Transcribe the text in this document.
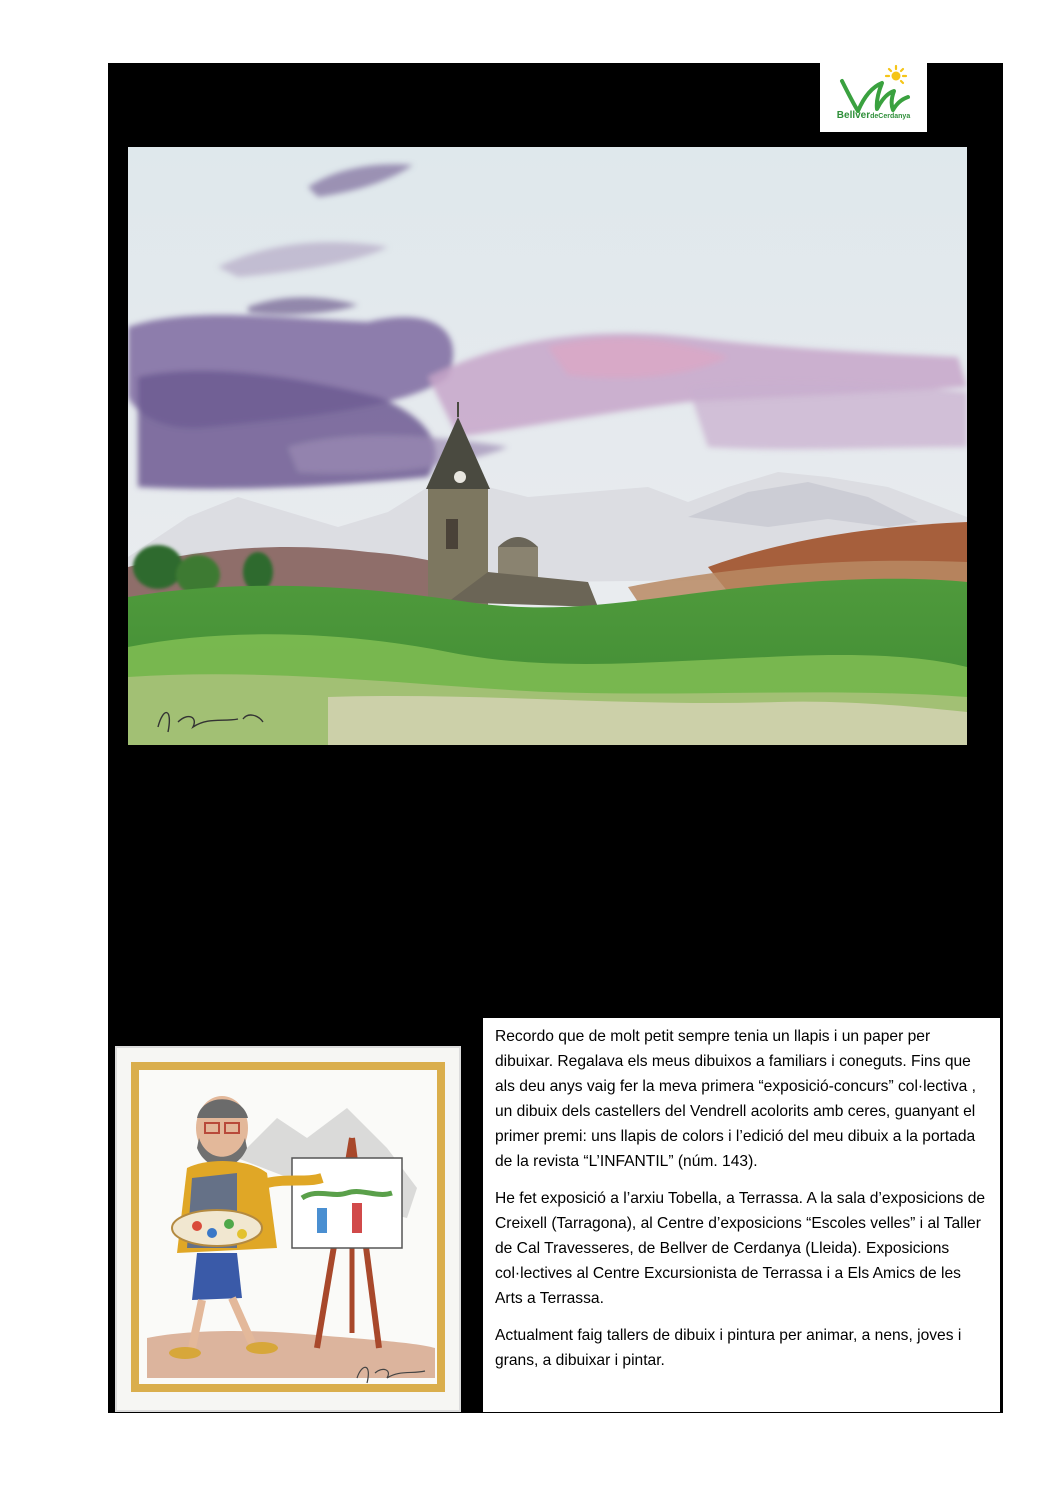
BellverdeCerdanya

Recordo que de molt petit sempre tenia un llapis i un paper per dibuixar. Regalava els meus dibuixos a familiars i coneguts. Fins que als deu anys vaig fer la meva primera “exposició-concurs” col·lectiva , un dibuix dels castellers del Vendrell acolorits amb ceres, guanyant el primer premi: uns llapis de colors i l’edició del meu dibuix a la portada de la revista “L’INFANTIL” (núm. 143).

He fet exposició a l’arxiu Tobella, a Terrassa. A la sala d’exposicions de Creixell (Tarragona), al Centre d’exposicions “Escoles velles” i al Taller de Cal Travesseres, de Bellver de Cerdanya (Lleida). Exposicions col·lectives al Centre Excursionista de Terrassa i a Els Amics de les Arts a Terrassa.

Actualment faig tallers de dibuix i pintura per animar, a nens, joves i grans, a dibuixar i pintar.
